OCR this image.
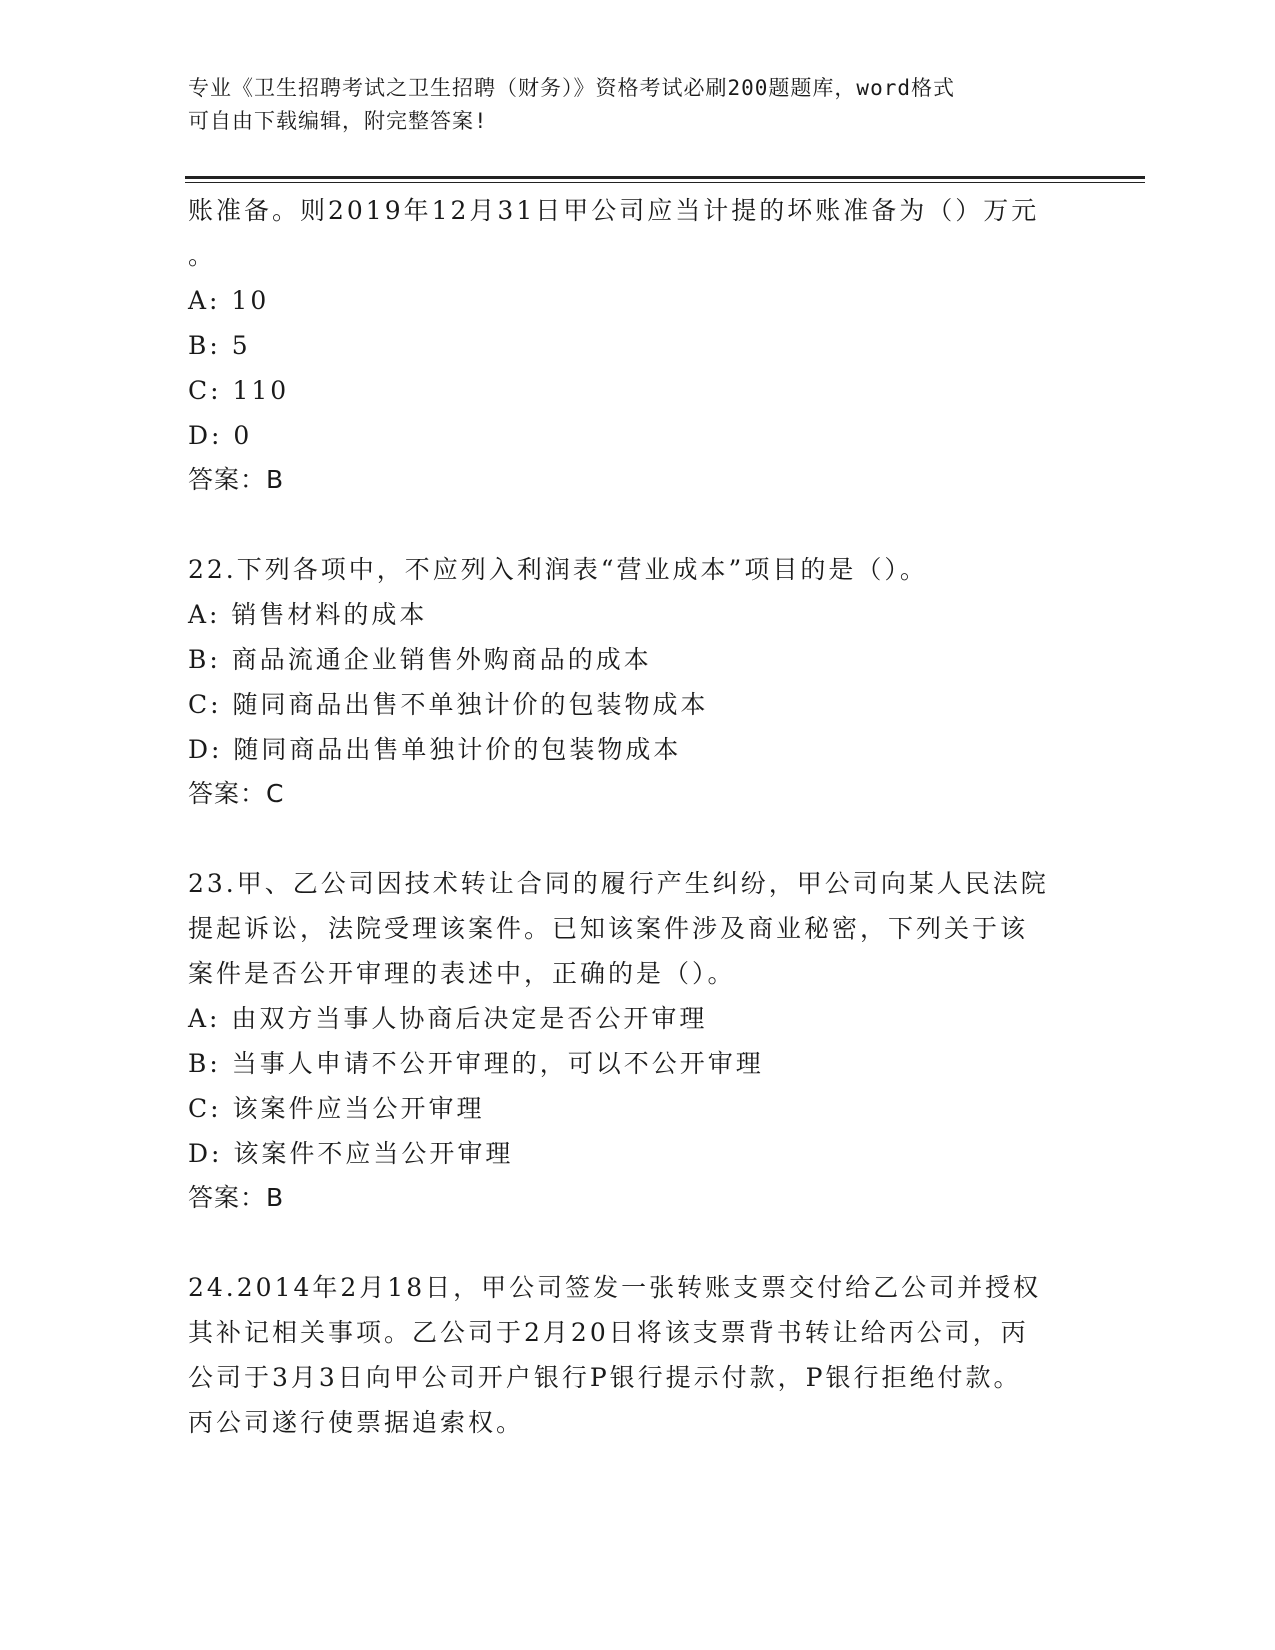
专业《卫生招聘考试之卫生招聘（财务）》资格考试必刷200题题库，word格式
可自由下载编辑，附完整答案!
账准备。则2019年12月31日甲公司应当计提的坏账准备为（）万元
。
A: 10
B: 5
C: 110
D: 0
答案：B
22.下列各项中，不应列入利润表“营业成本”项目的是（）。
A: 销售材料的成本
B: 商品流通企业销售外购商品的成本
C: 随同商品出售不单独计价的包装物成本
D: 随同商品出售单独计价的包装物成本
答案：C
23.甲、乙公司因技术转让合同的履行产生纠纷，甲公司向某人民法院
提起诉讼，法院受理该案件。已知该案件涉及商业秘密，下列关于该
案件是否公开审理的表述中，正确的是（）。
A: 由双方当事人协商后决定是否公开审理
B: 当事人申请不公开审理的，可以不公开审理
C: 该案件应当公开审理
D: 该案件不应当公开审理
答案：B
24.2014年2月18日，甲公司签发一张转账支票交付给乙公司并授权
其补记相关事项。乙公司于2月20日将该支票背书转让给丙公司，丙
公司于3月3日向甲公司开户银行P银行提示付款，P银行拒绝付款。
丙公司遂行使票据追索权。
